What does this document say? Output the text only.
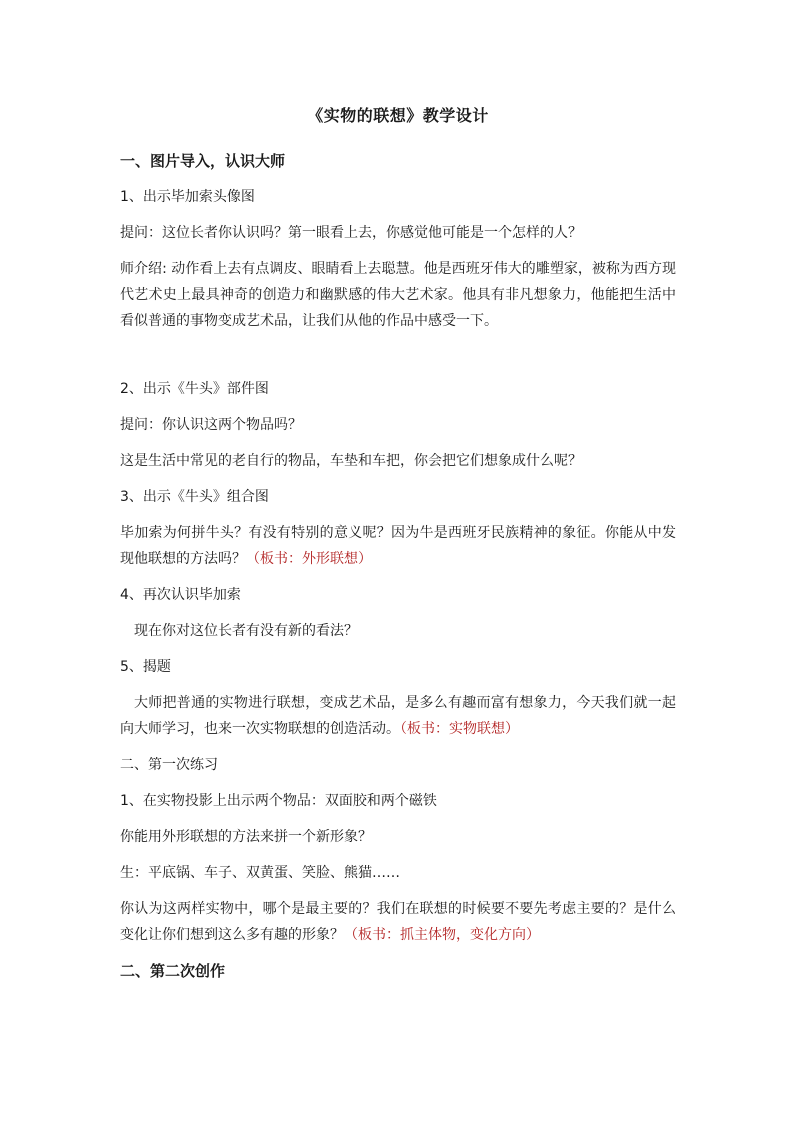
《实物的联想》教学设计
一、图片导入，认识大师
1、出示毕加索头像图
提问：这位长者你认识吗？第一眼看上去，你感觉他可能是一个怎样的人？
师介绍: 动作看上去有点调皮、眼睛看上去聪慧。他是西班牙伟大的雕塑家，被称为西方现代艺术史上最具神奇的创造力和幽默感的伟大艺术家。他具有非凡想象力，他能把生活中看似普通的事物变成艺术品，让我们从他的作品中感受一下。
2、出示《牛头》部件图
提问：你认识这两个物品吗？
这是生活中常见的老自行的物品，车垫和车把，你会把它们想象成什么呢？
3、出示《牛头》组合图
毕加索为何拼牛头？有没有特别的意义呢？因为牛是西班牙民族精神的象征。你能从中发现他联想的方法吗？（板书：外形联想）
4、再次认识毕加索
现在你对这位长者有没有新的看法？
5、揭题
大师把普通的实物进行联想，变成艺术品，是多么有趣而富有想象力，今天我们就一起向大师学习，也来一次实物联想的创造活动。（板书：实物联想）
二、第一次练习
1、在实物投影上出示两个物品：双面胶和两个磁铁
你能用外形联想的方法来拼一个新形象？
生：平底锅、车子、双黄蛋、笑脸、熊猫……
你认为这两样实物中，哪个是最主要的？我们在联想的时候要不要先考虑主要的？是什么变化让你们想到这么多有趣的形象？（板书：抓主体物，变化方向）
二、第二次创作
